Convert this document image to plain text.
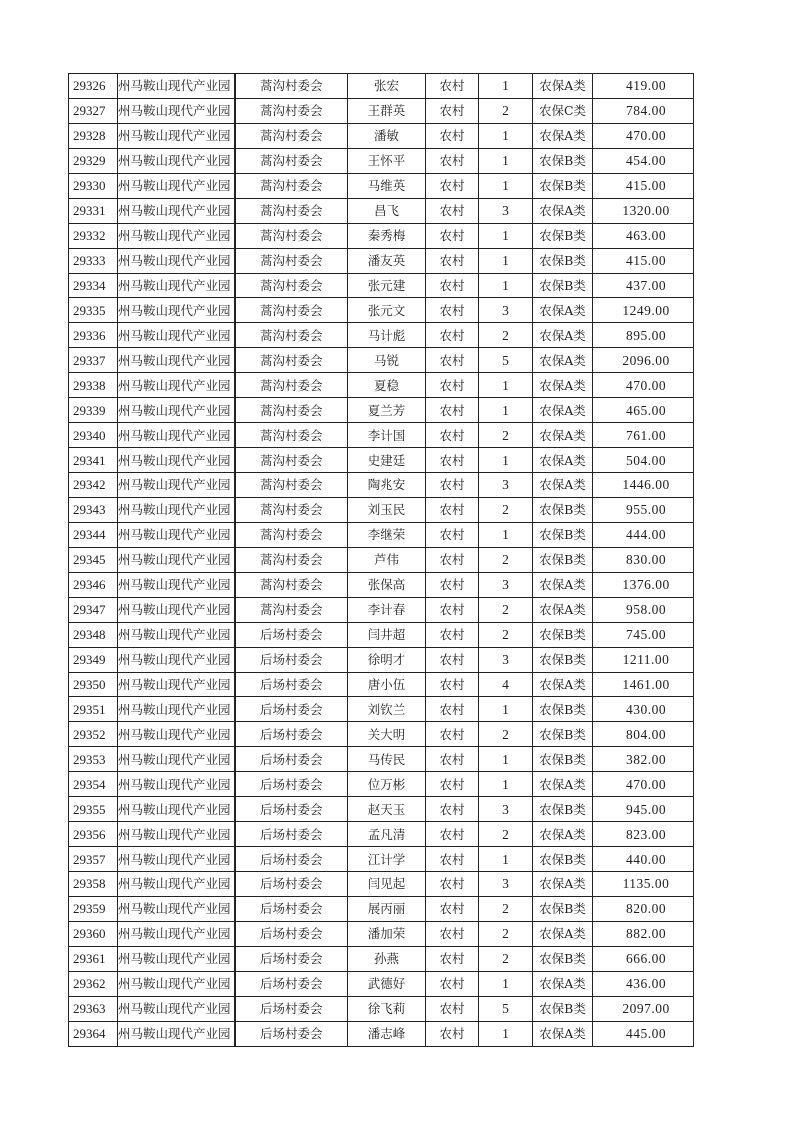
29326	州马鞍山现代产业园	蒿沟村委会	张宏	农村	1	农保A类	419.00
29327	州马鞍山现代产业园	蒿沟村委会	王群英	农村	2	农保C类	784.00
29328	州马鞍山现代产业园	蒿沟村委会	潘敏	农村	1	农保A类	470.00
29329	州马鞍山现代产业园	蒿沟村委会	王怀平	农村	1	农保B类	454.00
29330	州马鞍山现代产业园	蒿沟村委会	马维英	农村	1	农保B类	415.00
29331	州马鞍山现代产业园	蒿沟村委会	昌飞	农村	3	农保A类	1320.00
29332	州马鞍山现代产业园	蒿沟村委会	秦秀梅	农村	1	农保B类	463.00
29333	州马鞍山现代产业园	蒿沟村委会	潘友英	农村	1	农保B类	415.00
29334	州马鞍山现代产业园	蒿沟村委会	张元建	农村	1	农保B类	437.00
29335	州马鞍山现代产业园	蒿沟村委会	张元文	农村	3	农保A类	1249.00
29336	州马鞍山现代产业园	蒿沟村委会	马计彪	农村	2	农保A类	895.00
29337	州马鞍山现代产业园	蒿沟村委会	马锐	农村	5	农保A类	2096.00
29338	州马鞍山现代产业园	蒿沟村委会	夏稳	农村	1	农保A类	470.00
29339	州马鞍山现代产业园	蒿沟村委会	夏兰芳	农村	1	农保A类	465.00
29340	州马鞍山现代产业园	蒿沟村委会	李计国	农村	2	农保A类	761.00
29341	州马鞍山现代产业园	蒿沟村委会	史建廷	农村	1	农保A类	504.00
29342	州马鞍山现代产业园	蒿沟村委会	陶兆安	农村	3	农保A类	1446.00
29343	州马鞍山现代产业园	蒿沟村委会	刘玉民	农村	2	农保B类	955.00
29344	州马鞍山现代产业园	蒿沟村委会	李继荣	农村	1	农保B类	444.00
29345	州马鞍山现代产业园	蒿沟村委会	芦伟	农村	2	农保B类	830.00
29346	州马鞍山现代产业园	蒿沟村委会	张保高	农村	3	农保A类	1376.00
29347	州马鞍山现代产业园	蒿沟村委会	李计春	农村	2	农保A类	958.00
29348	州马鞍山现代产业园	后场村委会	闫井超	农村	2	农保B类	745.00
29349	州马鞍山现代产业园	后场村委会	徐明才	农村	3	农保B类	1211.00
29350	州马鞍山现代产业园	后场村委会	唐小伍	农村	4	农保A类	1461.00
29351	州马鞍山现代产业园	后场村委会	刘钦兰	农村	1	农保B类	430.00
29352	州马鞍山现代产业园	后场村委会	关大明	农村	2	农保B类	804.00
29353	州马鞍山现代产业园	后场村委会	马传民	农村	1	农保B类	382.00
29354	州马鞍山现代产业园	后场村委会	位万彬	农村	1	农保A类	470.00
29355	州马鞍山现代产业园	后场村委会	赵天玉	农村	3	农保B类	945.00
29356	州马鞍山现代产业园	后场村委会	孟凡清	农村	2	农保A类	823.00
29357	州马鞍山现代产业园	后场村委会	江计学	农村	1	农保B类	440.00
29358	州马鞍山现代产业园	后场村委会	闫见起	农村	3	农保A类	1135.00
29359	州马鞍山现代产业园	后场村委会	展丙丽	农村	2	农保B类	820.00
29360	州马鞍山现代产业园	后场村委会	潘加荣	农村	2	农保A类	882.00
29361	州马鞍山现代产业园	后场村委会	孙燕	农村	2	农保B类	666.00
29362	州马鞍山现代产业园	后场村委会	武德好	农村	1	农保A类	436.00
29363	州马鞍山现代产业园	后场村委会	徐飞莉	农村	5	农保B类	2097.00
29364	州马鞍山现代产业园	后场村委会	潘志峰	农村	1	农保A类	445.00
